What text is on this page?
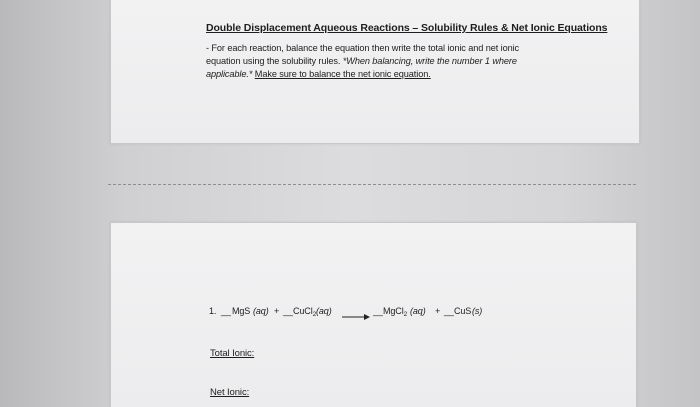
Double Displacement Aqueous Reactions – Solubility Rules & Net Ionic Equations
- For each reaction, balance the equation then write the total ionic and net ionic
equation using the solubility rules. *When balancing, write the number 1 where
applicable.* Make sure to balance the net ionic equation.
1. __ MgS (aq) + __ CuCl$_2$ (aq)	__ MgCl$_2$ (aq) + __ CuS (s)
Total Ionic:
Net Ionic:
